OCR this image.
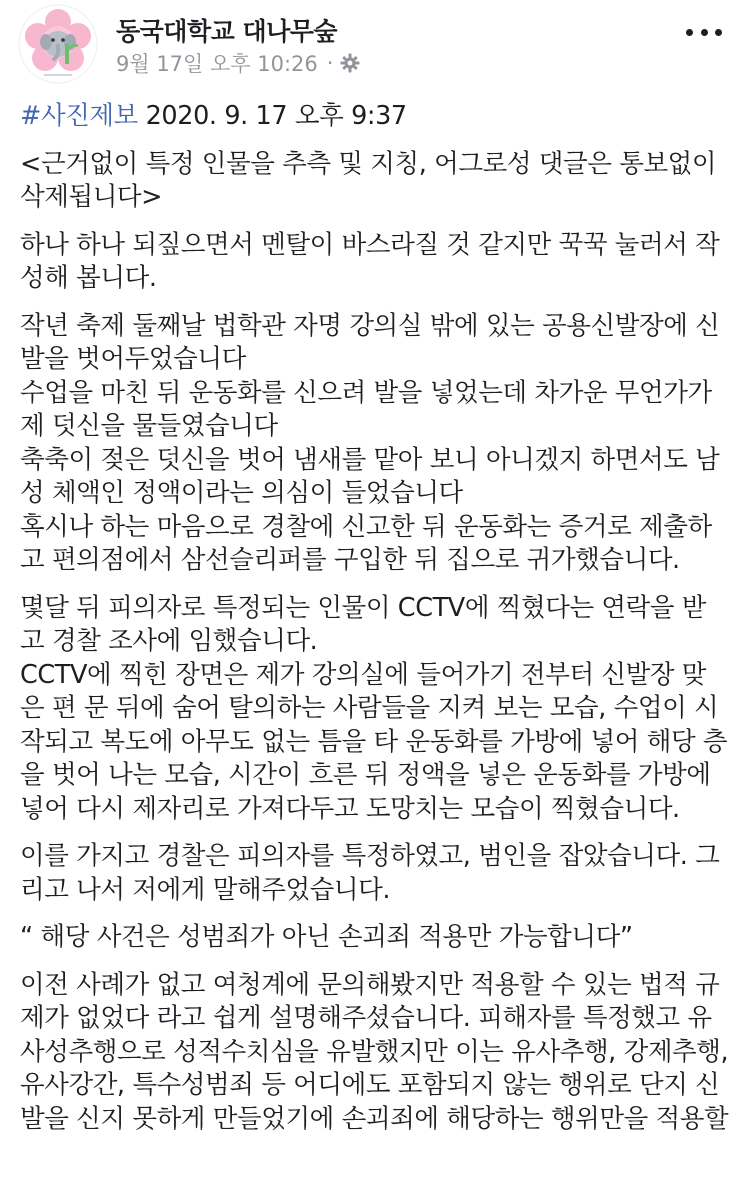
동국대학교 대나무숲
9월 17일 오후 10:26 ·

#사진제보 2020. 9. 17 오후 9:37

<근거없이 특정 인물을 추측 및 지칭, 어그로성 댓글은 통보없이
삭제됩니다>

하나 하나 되짚으면서 멘탈이 바스라질 것 같지만 꾹꾹 눌러서 작
성해 봅니다.

작년 축제 둘째날 법학관 자명 강의실 밖에 있는 공용신발장에 신
발을 벗어두었습니다
수업을 마친 뒤 운동화를 신으려 발을 넣었는데 차가운 무언가가
제 덧신을 물들였습니다
축축이 젖은 덧신을 벗어 냄새를 맡아 보니 아니겠지 하면서도 남
성 체액인 정액이라는 의심이 들었습니다
혹시나 하는 마음으로 경찰에 신고한 뒤 운동화는 증거로 제출하
고 편의점에서 삼선슬리퍼를 구입한 뒤 집으로 귀가했습니다.

몇달 뒤 피의자로 특정되는 인물이 CCTV에 찍혔다는 연락을 받
고 경찰 조사에 임했습니다.
CCTV에 찍힌 장면은 제가 강의실에 들어가기 전부터 신발장 맞
은 편 문 뒤에 숨어 탈의하는 사람들을 지켜 보는 모습, 수업이 시
작되고 복도에 아무도 없는 틈을 타 운동화를 가방에 넣어 해당 층
을 벗어 나는 모습, 시간이 흐른 뒤 정액을 넣은 운동화를 가방에
넣어 다시 제자리로 가져다두고 도망치는 모습이 찍혔습니다.

이를 가지고 경찰은 피의자를 특정하였고, 범인을 잡았습니다. 그
리고 나서 저에게 말해주었습니다.

“ 해당 사건은 성범죄가 아닌 손괴죄 적용만 가능합니다”

이전 사례가 없고 여청계에 문의해봤지만 적용할 수 있는 법적 규
제가 없었다 라고 쉽게 설명해주셨습니다. 피해자를 특정했고 유
사성추행으로 성적수치심을 유발했지만 이는 유사추행, 강제추행,
유사강간, 특수성범죄 등 어디에도 포함되지 않는 행위로 단지 신
발을 신지 못하게 만들었기에 손괴죄에 해당하는 행위만을 적용할
